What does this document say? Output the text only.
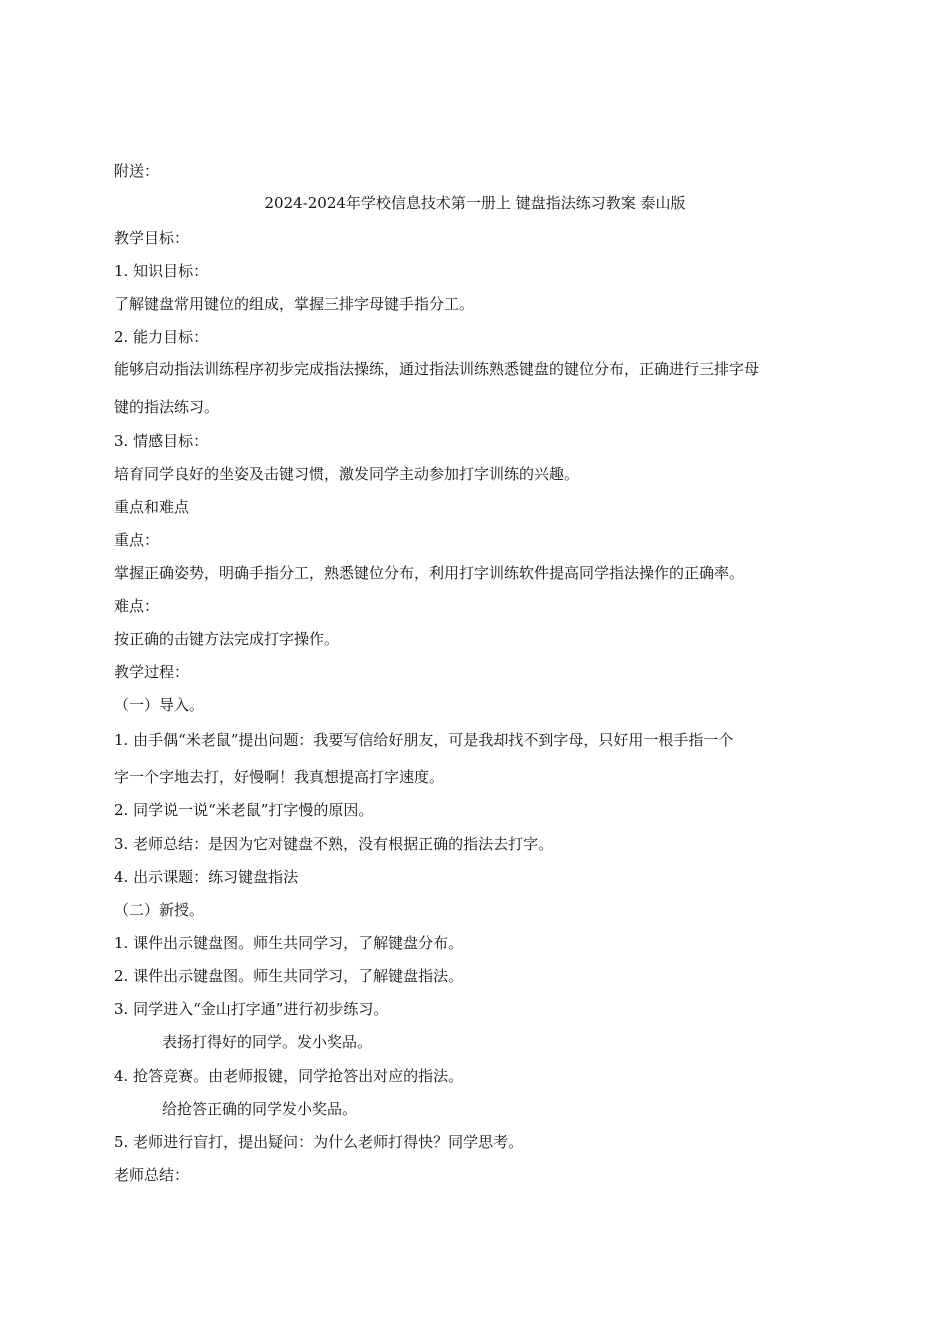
附送：
2024-2024年学校信息技术第一册上 键盘指法练习教案 泰山版
教学目标：
1. 知识目标：
了解键盘常用键位的组成，掌握三排字母键手指分工。
2. 能力目标：
能够启动指法训练程序初步完成指法操练，通过指法训练熟悉键盘的键位分布，正确进行三排字母
键的指法练习。
3. 情感目标：
培育同学良好的坐姿及击键习惯，激发同学主动参加打字训练的兴趣。
重点和难点
重点：
掌握正确姿势，明确手指分工，熟悉键位分布，利用打字训练软件提高同学指法操作的正确率。
难点：
按正确的击键方法完成打字操作。
教学过程：
（一）导入。
1. 由手偶“米老鼠”提出问题：我要写信给好朋友，可是我却找不到字母，只好用一根手指一个
字一个字地去打，好慢啊！我真想提高打字速度。
2. 同学说一说“米老鼠”打字慢的原因。
3. 老师总结：是因为它对键盘不熟，没有根据正确的指法去打字。
4. 出示课题：练习键盘指法
（二）新授。
1. 课件出示键盘图。师生共同学习，了解键盘分布。
2. 课件出示键盘图。师生共同学习，了解键盘指法。
3. 同学进入“金山打字通”进行初步练习。
表扬打得好的同学。发小奖品。
4. 抢答竞赛。由老师报键，同学抢答出对应的指法。
给抢答正确的同学发小奖品。
5. 老师进行盲打，提出疑问：为什么老师打得快？同学思考。
老师总结：
